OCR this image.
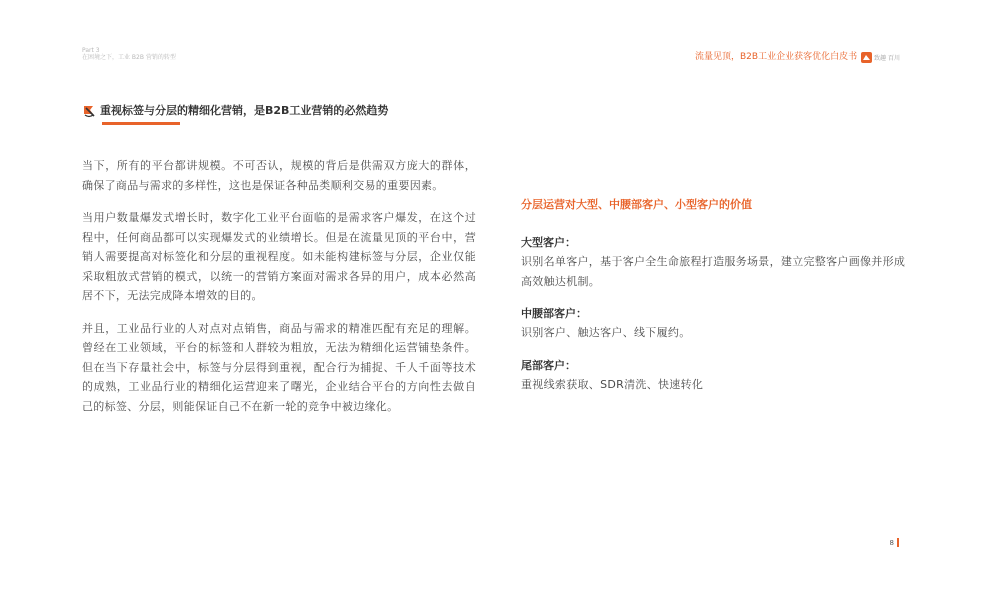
Part 3
在困境之下，工业 B2B 营销的转型	流量见顶，B2B工业企业获客优化白皮书	致趣 百川
重视标签与分层的精细化营销，是B2B工业营销的必然趋势

当下，所有的平台都讲规模。不可否认，规模的背后是供需双方庞大的群体，确保了商品与需求的多样性，这也是保证各种品类顺利交易的重要因素。

当用户数量爆发式增长时，数字化工业平台面临的是需求客户爆发，在这个过程中，任何商品都可以实现爆发式的业绩增长。但是在流量见顶的平台中，营销人需要提高对标签化和分层的重视程度。如未能构建标签与分层，企业仅能采取粗放式营销的模式，以统一的营销方案面对需求各异的用户，成本必然高居不下，无法完成降本增效的目的。

并且，工业品行业的人对点对点销售，商品与需求的精准匹配有充足的理解。曾经在工业领域，平台的标签和人群较为粗放，无法为精细化运营铺垫条件。但在当下存量社会中，标签与分层得到重视，配合行为捕捉、千人千面等技术的成熟，工业品行业的精细化运营迎来了曙光，企业结合平台的方向性去做自己的标签、分层，则能保证自己不在新一轮的竞争中被边缘化。

分层运营对大型、中腰部客户、小型客户的价值
大型客户：
识别名单客户，基于客户全生命旅程打造服务场景，建立完整客户画像并形成高效触达机制。
中腰部客户：
识别客户、触达客户、线下履约。
尾部客户：
重视线索获取、SDR清洗、快速转化
8
